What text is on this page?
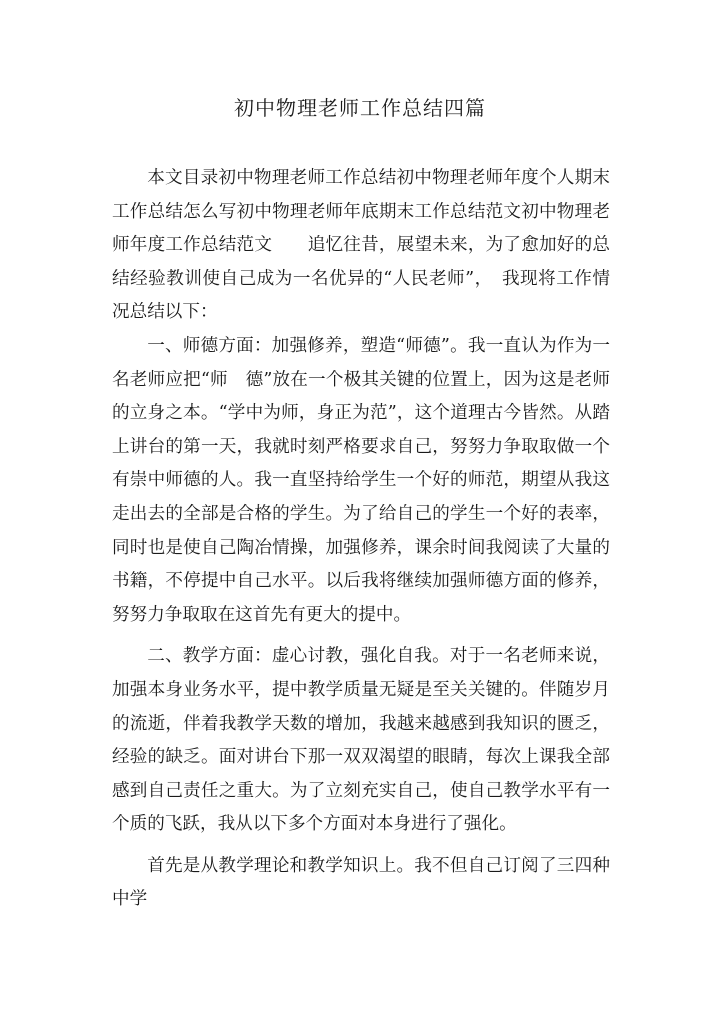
初中物理老师工作总结四篇

本文目录初中物理老师工作总结初中物理老师年度个人期末工作总结怎么写初中物理老师年底期末工作总结范文初中物理老师年度工作总结范文　　追忆往昔，展望未来，为了愈加好的总结经验教训使自己成为一名优异的“人民老师”，　我现将工作情况总结以下：

一、师德方面：加强修养，塑造“师德”。我一直认为作为一名老师应把“师　德”放在一个极其关键的位置上，因为这是老师的立身之本。“学中为师，身正为范”，这个道理古今皆然。从踏上讲台的第一天，我就时刻严格要求自己，努努力争取取做一个有崇中师德的人。我一直坚持给学生一个好的师范，期望从我这走出去的全部是合格的学生。为了给自己的学生一个好的表率，同时也是使自己陶冶情操，加强修养，课余时间我阅读了大量的书籍，不停提中自己水平。以后我将继续加强师德方面的修养，努努力争取取在这首先有更大的提中。

二、教学方面：虚心讨教，强化自我。对于一名老师来说，加强本身业务水平，提中教学质量无疑是至关关键的。伴随岁月的流逝，伴着我教学天数的增加，我越来越感到我知识的匮乏，经验的缺乏。面对讲台下那一双双渴望的眼睛，每次上课我全部感到自己责任之重大。为了立刻充实自己，使自己教学水平有一个质的飞跃，我从以下多个方面对本身进行了强化。

首先是从教学理论和教学知识上。我不但自己订阅了三四种中学
